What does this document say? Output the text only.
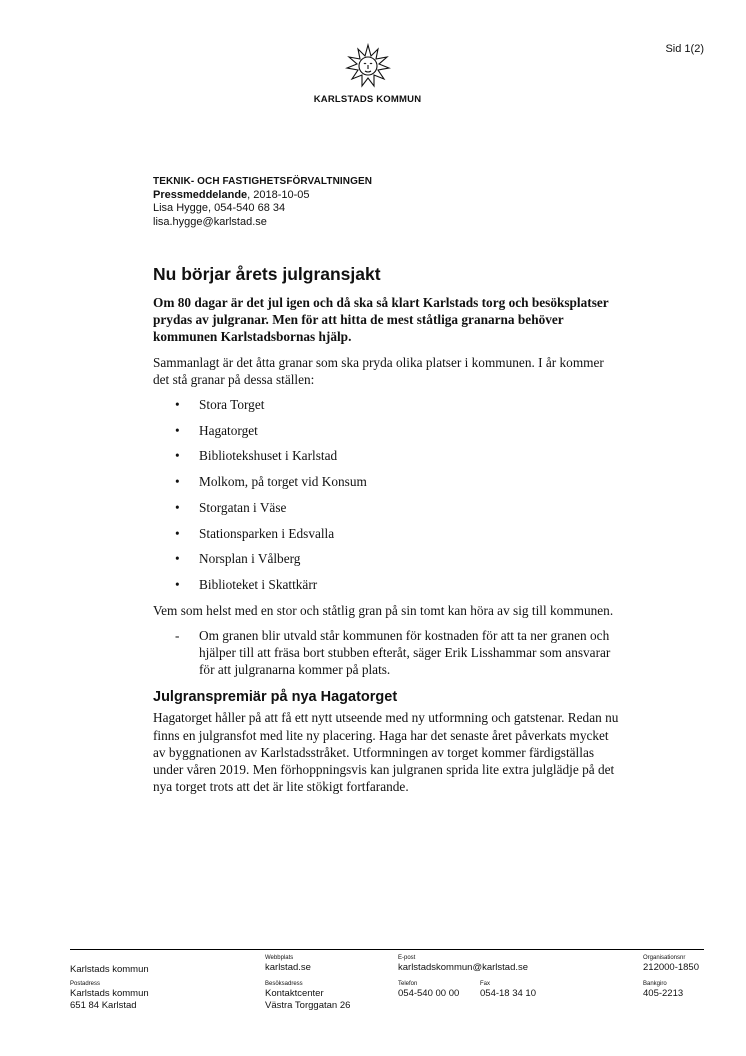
Sid 1(2)
KARLSTADS KOMMUN
TEKNIK- OCH FASTIGHETSFÖRVALTNINGEN
Pressmeddelande, 2018-10-05
Lisa Hygge, 054-540 68 34
lisa.hygge@karlstad.se
Nu börjar årets julgransjakt

Om 80 dagar är det jul igen och då ska så klart Karlstads torg och besöksplatser prydas av julgranar. Men för att hitta de mest ståtliga granarna behöver kommunen Karlstadsbornas hjälp.

Sammanlagt är det åtta granar som ska pryda olika platser i kommunen. I år kommer det stå granar på dessa ställen:

• Stora Torget
• Hagatorget
• Bibliotekshuset i Karlstad
• Molkom, på torget vid Konsum
• Storgatan i Väse
• Stationsparken i Edsvalla
• Norsplan i Vålberg
• Biblioteket i Skattkärr

Vem som helst med en stor och ståtlig gran på sin tomt kan höra av sig till kommunen.

- Om granen blir utvald står kommunen för kostnaden för att ta ner granen och hjälper till att fräsa bort stubben efteråt, säger Erik Lisshammar som ansvarar för att julgranarna kommer på plats.
Julgranspremiär på nya Hagatorget

Hagatorget håller på att få ett nytt utseende med ny utformning och gatstenar. Redan nu finns en julgransfot med lite ny placering. Haga har det senaste året påverkats mycket av byggnationen av Karlstadsstråket. Utformningen av torget kommer färdigställas under våren 2019. Men förhoppningsvis kan julgranen sprida lite extra julglädje på det nya torget trots att det är lite stökigt fortfarande.

Karlstads kommun
Webbplats
karlstad.se
E-post
karlstadskommun@karlstad.se
Organisationsnr
212000-1850
Postadress
Karlstads kommun
651 84 Karlstad
Besöksadress
Kontaktcenter
Västra Torggatan 26
Telefon
054-540 00 00
Fax
054-18 34 10
Bankgiro
405-2213
